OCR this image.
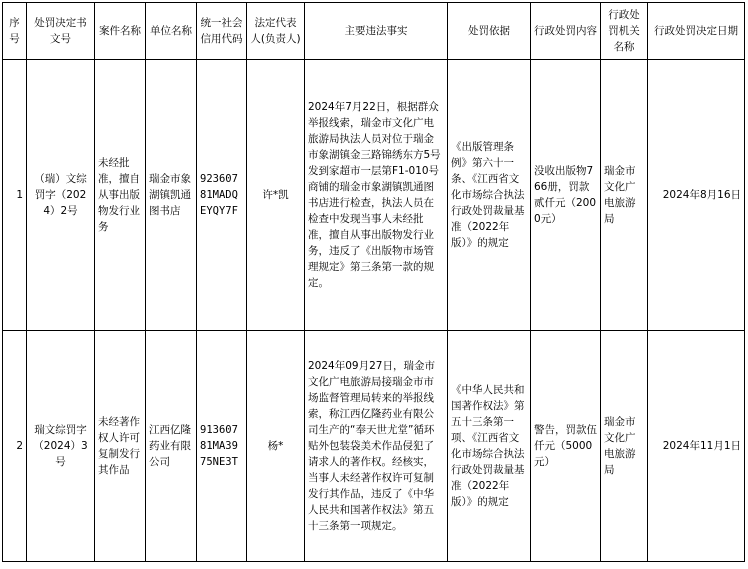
序号	处罚决定书文号	案件名称	单位名称	统一社会信用代码	法定代表人(负责人)	主要违法事实	处罚依据	行政处罚内容	行政处罚机关名称	行政处罚决定日期
1	（瑞）文综罚字（2024）2号	未经批准，擅自从事出版物发行业务	瑞金市象湖镇凯通图书店	92360781MADQEYQY7F	许*凯	2024年7月22日，根据群众举报线索，瑞金市文化广电旅游局执法人员对位于瑞金市象湖镇金三路锦绣东方5号发到家超市一层第F1-010号商铺的瑞金市象湖镇凯通图书店进行检查，执法人员在检查中发现当事人未经批准，擅自从事出版物发行业务，违反了《出版物市场管理规定》第三条第一款的规定。	《出版管理条例》第六十一条、《江西省文化市场综合执法行政处罚裁量基准（2022年版）》的规定	没收出版物766册，罚款贰仟元（2000元）	瑞金市文化广电旅游局	2024年8月16日
2	瑞文综罚字（2024）3号	未经著作权人许可复制发行其作品	江西亿隆药业有限公司	91360781MA3975NE3T	杨*	2024年09月27日，瑞金市文化广电旅游局接瑞金市市场监督管理局转来的举报线索，称江西亿隆药业有限公司生产的“奉天世尤堂”循环贴外包装袋美术作品侵犯了请求人的著作权。经核实，当事人未经著作权许可复制发行其作品，违反了《中华人民共和国著作权法》第五十三条第一项规定。	《中华人民共和国著作权法》第五十三条第一项、《江西省文化市场综合执法行政处罚裁量基准（2022年版）》的规定	警告，罚款伍仟元（5000元）	瑞金市文化广电旅游局	2024年11月1日
